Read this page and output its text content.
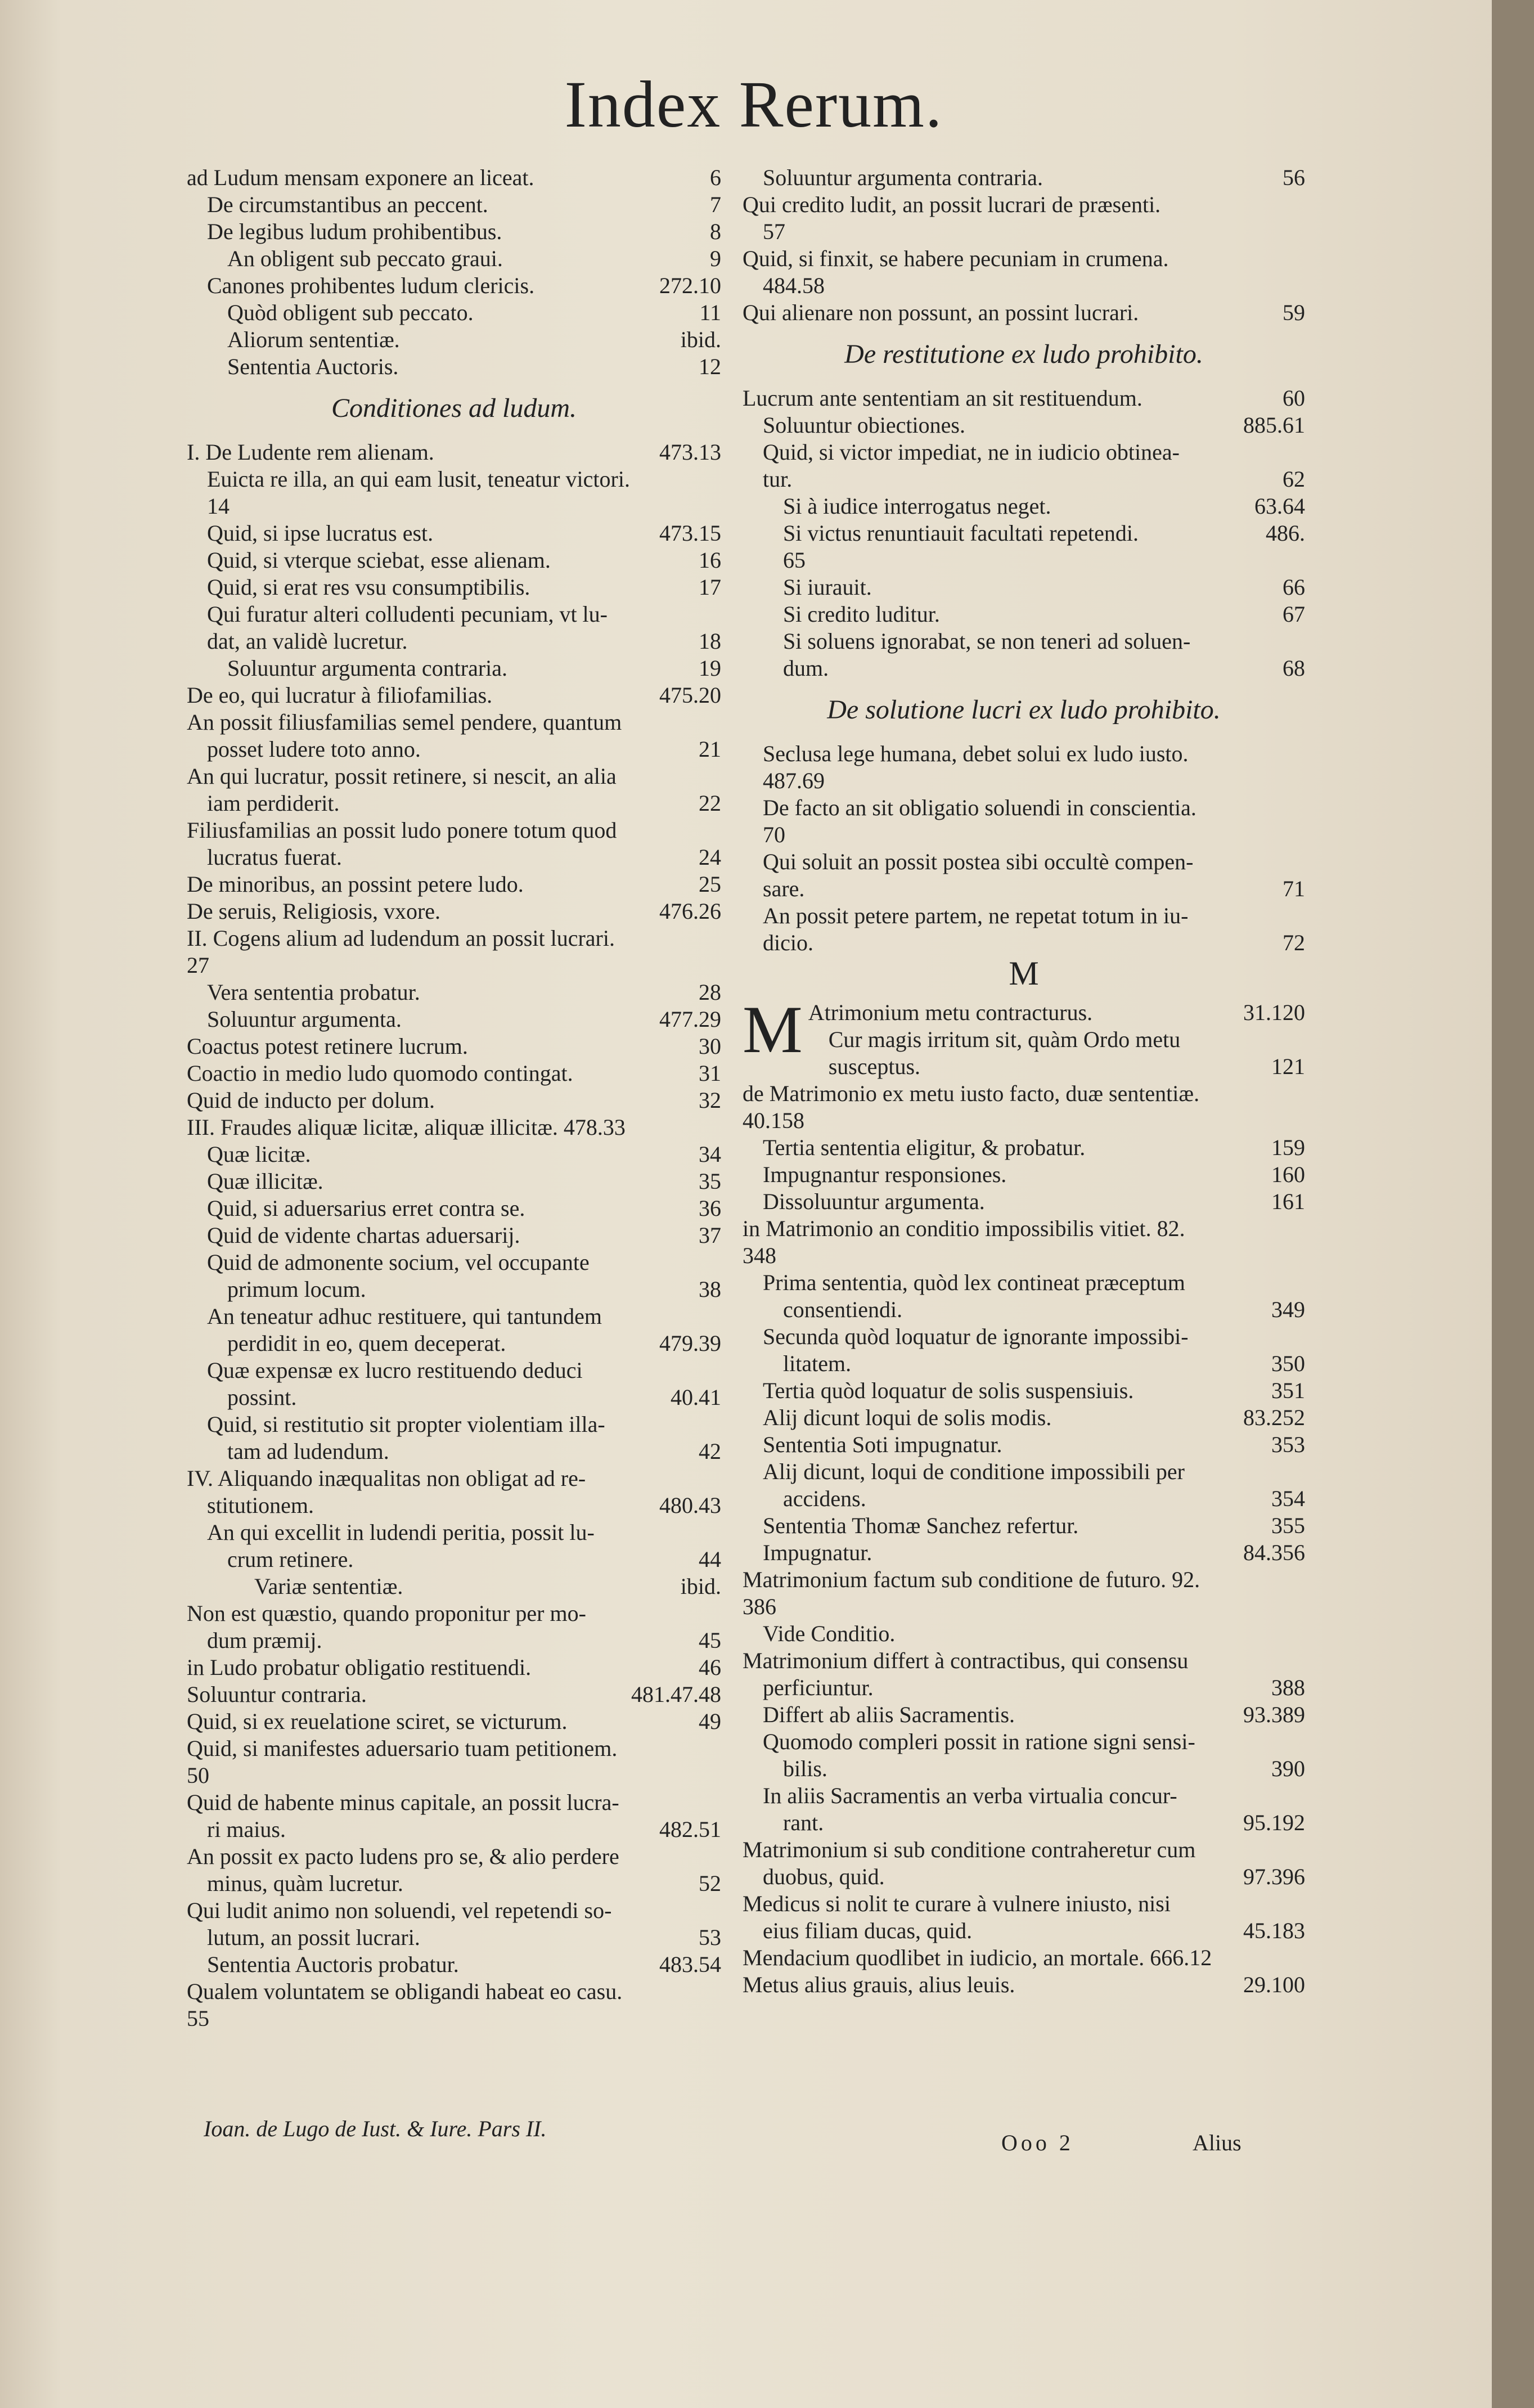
Index Rerum.
ad Ludum mensam exponere an liceat.	6
De circumstantibus an peccent.	7
De legibus ludum prohibentibus.	8
An obligent sub peccato graui.	9
Canones prohibentes ludum clericis.	272.10
Quòd obligent sub peccato.	11
Aliorum sententiæ.	ibid.
Sententia Auctoris.	12
Conditiones ad ludum.
I. De Ludente rem alienam.	473.13
Euicta re illa, an qui eam lusit, teneatur victori.
14
Quid, si ipse lucratus est.	473.15
Quid, si vterque sciebat, esse alienam.	16
Quid, si erat res vsu consumptibilis.	17
Qui furatur alteri colludenti pecuniam, vt lu-
dat, an validè lucretur.	18
Soluuntur argumenta contraria.	19
De eo, qui lucratur à filiofamilias.	475.20
An possit filiusfamilias semel pendere, quantum
posset ludere toto anno.	21
An qui lucratur, possit retinere, si nescit, an alia
iam perdiderit.	22
Filiusfamilias an possit ludo ponere totum quod
lucratus fuerat.	24
De minoribus, an possint petere ludo.	25
De seruis, Religiosis, vxore.	476.26
II. Cogens alium ad ludendum an possit lucrari.
27
Vera sententia probatur.	28
Soluuntur argumenta.	477.29
Coactus potest retinere lucrum.	30
Coactio in medio ludo quomodo contingat.	31
Quid de inducto per dolum.	32
III. Fraudes aliquæ licitæ, aliquæ illicitæ. 478.33
Quæ licitæ.	34
Quæ illicitæ.	35
Quid, si aduersarius erret contra se.	36
Quid de vidente chartas aduersarij.	37
Quid de admonente socium, vel occupante
primum locum.	38
An teneatur adhuc restituere, qui tantundem
perdidit in eo, quem deceperat.	479.39
Quæ expensæ ex lucro restituendo deduci
possint.	40.41
Quid, si restitutio sit propter violentiam illa-
tam ad ludendum.	42
IV. Aliquando inæqualitas non obligat ad re-
stitutionem.	480.43
An qui excellit in ludendi peritia, possit lu-
crum retinere.	44
Variæ sententiæ.	ibid.
Non est quæstio, quando proponitur per mo-
dum præmij.	45
in Ludo probatur obligatio restituendi.	46
Soluuntur contraria.	481.47.48
Quid, si ex reuelatione sciret, se victurum.	49
Quid, si manifestes aduersario tuam petitionem.
50
Quid de habente minus capitale, an possit lucra-
ri maius.	482.51
An possit ex pacto ludens pro se, & alio perdere
minus, quàm lucretur.	52
Qui ludit animo non soluendi, vel repetendi so-
lutum, an possit lucrari.	53
Sententia Auctoris probatur.	483.54
Qualem voluntatem se obligandi habeat eo casu.
55
Soluuntur argumenta contraria.	56
Qui credito ludit, an possit lucrari de præsenti.
57
Quid, si finxit, se habere pecuniam in crumena.
484.58
Qui alienare non possunt, an possint lucrari.	59
De restitutione ex ludo prohibito.
Lucrum ante sententiam an sit restituendum.	60
Soluuntur obiectiones.	885.61
Quid, si victor impediat, ne in iudicio obtinea-
tur.	62
Si à iudice interrogatus neget.	63.64
Si victus renuntiauit facultati repetendi.	486.
65
Si iurauit.	66
Si credito luditur.	67
Si soluens ignorabat, se non teneri ad soluen-
dum.	68
De solutione lucri ex ludo prohibito.
Seclusa lege humana, debet solui ex ludo iusto.
487.69
De facto an sit obligatio soluendi in conscientia.
70
Qui soluit an possit postea sibi occultè compen-
sare.	71
An possit petere partem, ne repetat totum in iu-
dicio.	72
M
M Atrimonium metu contracturus.	31.120
Cur magis irritum sit, quàm Ordo metu
susceptus.	121
de Matrimonio ex metu iusto facto, duæ sententiæ.
40.158
Tertia sententia eligitur, & probatur.	159
Impugnantur responsiones.	160
Dissoluuntur argumenta.	161
in Matrimonio an conditio impossibilis vitiet. 82.
348
Prima sententia, quòd lex contineat præceptum
consentiendi.	349
Secunda quòd loquatur de ignorante impossibi-
litatem.	350
Tertia quòd loquatur de solis suspensiuis.	351
Alij dicunt loqui de solis modis.	83.252
Sententia Soti impugnatur.	353
Alij dicunt, loqui de conditione impossibili per
accidens.	354
Sententia Thomæ Sanchez refertur.	355
Impugnatur.	84.356
Matrimonium factum sub conditione de futuro. 92.
386
Vide Conditio.
Matrimonium differt à contractibus, qui consensu
perficiuntur.	388
Differt ab aliis Sacramentis.	93.389
Quomodo compleri possit in ratione signi sensi-
bilis.	390
In aliis Sacramentis an verba virtualia concur-
rant.	95.192
Matrimonium si sub conditione contraheretur cum
duobus, quid.	97.396
Medicus si nolit te curare à vulnere iniusto, nisi
eius filiam ducas, quid.	45.183
Mendacium quodlibet in iudicio, an mortale. 666.12
Metus alius grauis, alius leuis.	29.100
Ioan. de Lugo de Iust. & Iure. Pars II.
Ooo 2	Alius
